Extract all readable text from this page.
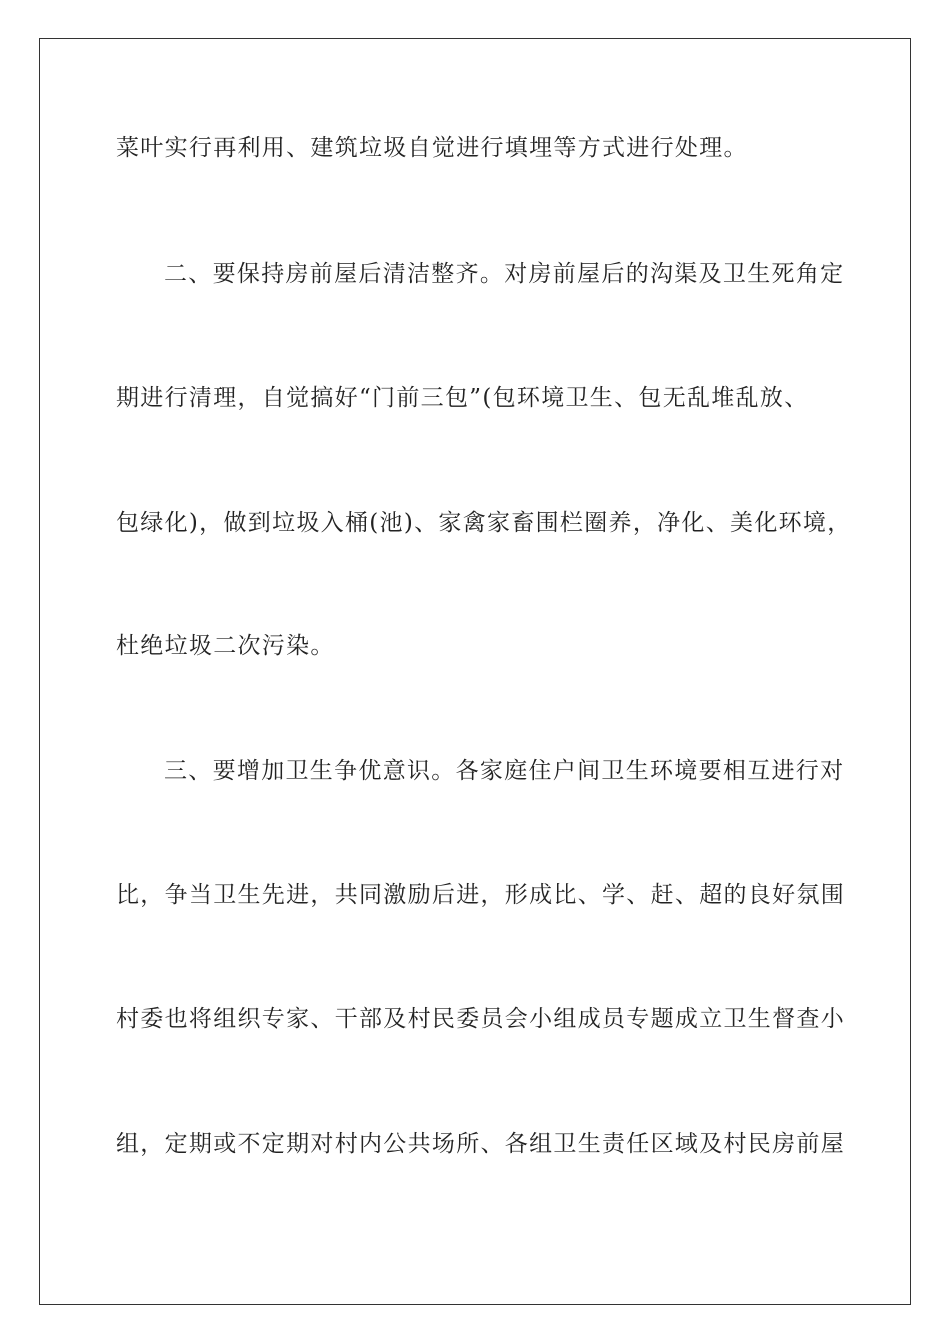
菜叶实行再利用、建筑垃圾自觉进行填埋等方式进行处理。
二、要保持房前屋后清洁整齐。对房前屋后的沟渠及卫生死角定
期进行清理，自觉搞好“门前三包”(包环境卫生、包无乱堆乱放、
包绿化)，做到垃圾入桶(池)、家禽家畜围栏圈养，净化、美化环境，
杜绝垃圾二次污染。
三、要增加卫生争优意识。各家庭住户间卫生环境要相互进行对
比，争当卫生先进，共同激励后进，形成比、学、赶、超的良好氛围
村委也将组织专家、干部及村民委员会小组成员专题成立卫生督查小
组，定期或不定期对村内公共场所、各组卫生责任区域及村民房前屋
